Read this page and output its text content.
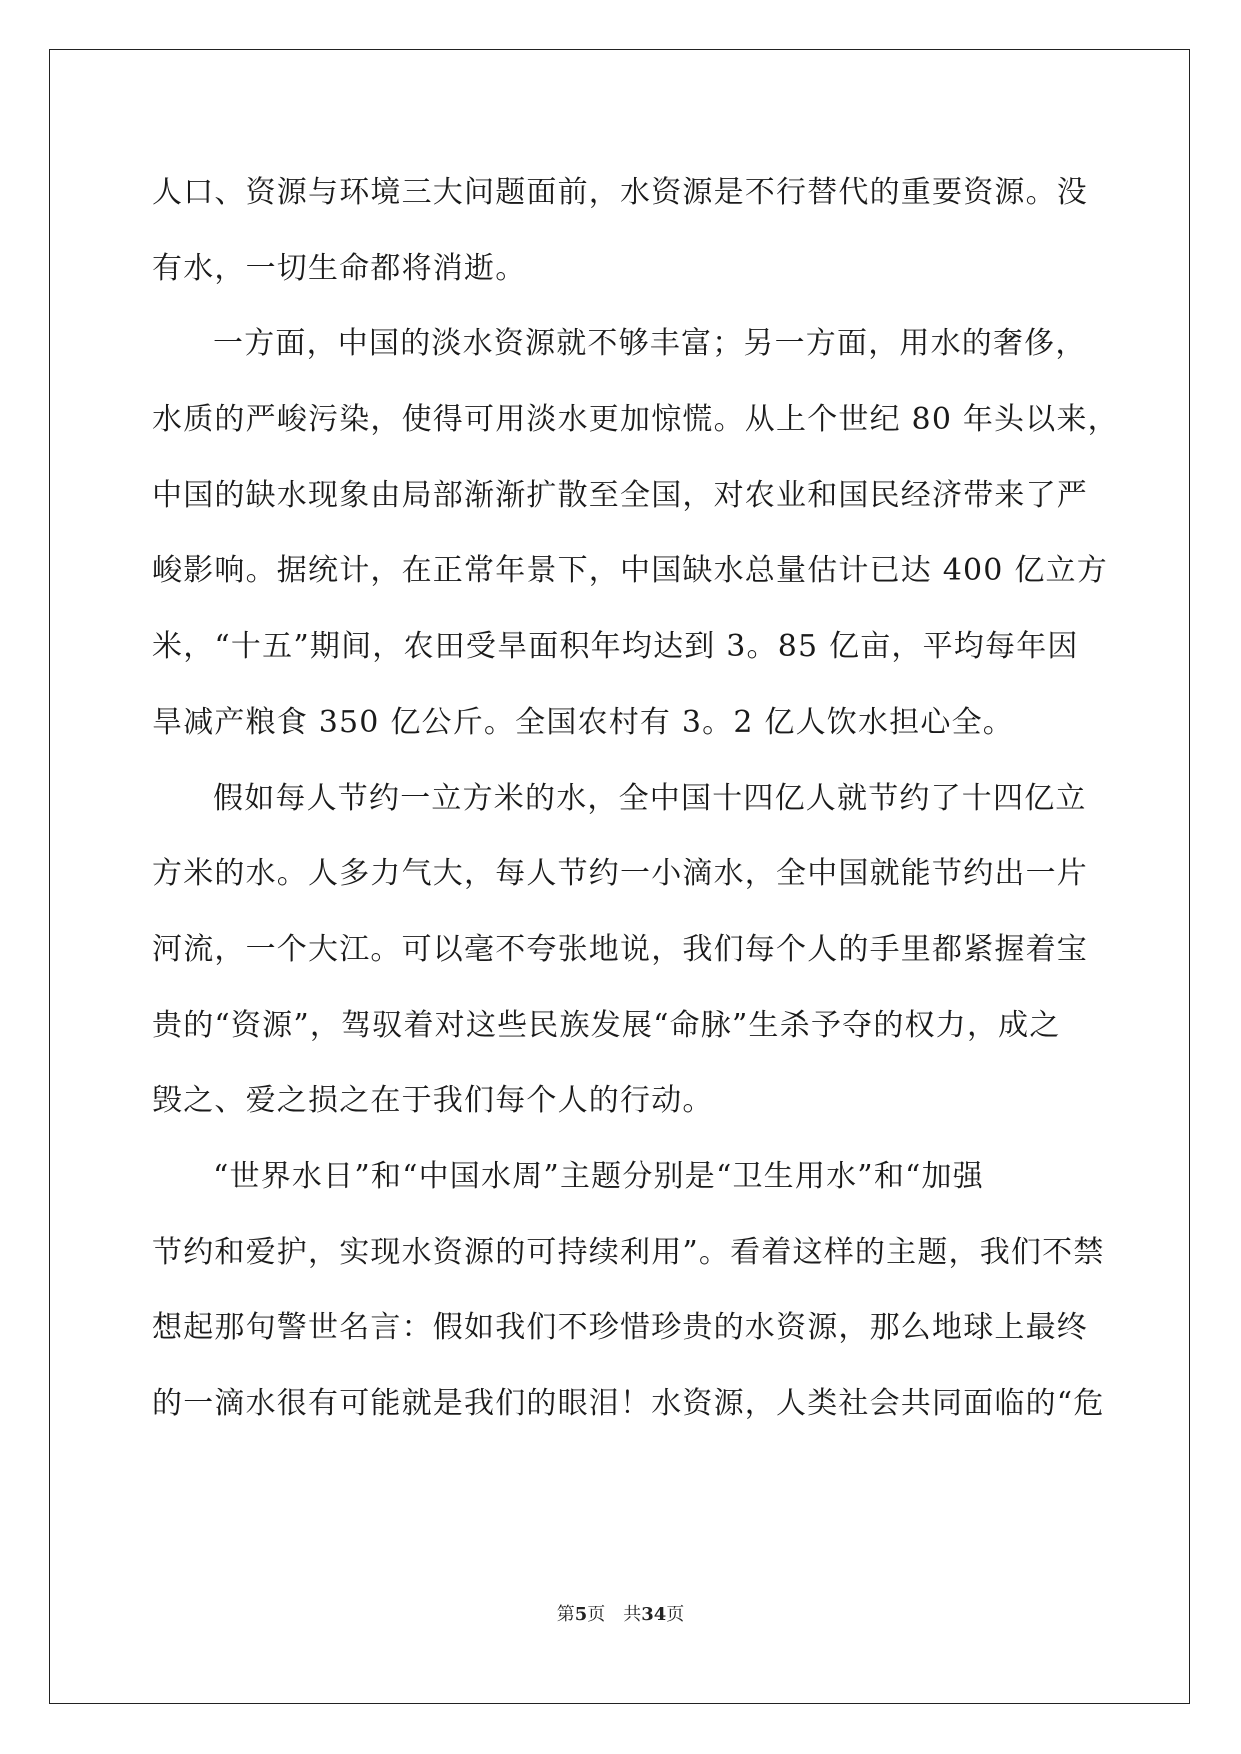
人口、资源与环境三大问题面前，水资源是不行替代的重要资源。没
有水，一切生命都将消逝。
一方面，中国的淡水资源就不够丰富；另一方面，用水的奢侈，
水质的严峻污染，使得可用淡水更加惊慌。从上个世纪 80 年头以来，
中国的缺水现象由局部渐渐扩散至全国，对农业和国民经济带来了严
峻影响。据统计，在正常年景下，中国缺水总量估计已达 400 亿立方
米，“十五”期间，农田受旱面积年均达到 3。85 亿亩，平均每年因
旱减产粮食 350 亿公斤。全国农村有 3。2 亿人饮水担心全。
假如每人节约一立方米的水，全中国十四亿人就节约了十四亿立
方米的水。人多力气大，每人节约一小滴水，全中国就能节约出一片
河流，一个大江。可以毫不夸张地说，我们每个人的手里都紧握着宝
贵的“资源”，驾驭着对这些民族发展“命脉”生杀予夺的权力，成之
毁之、爱之损之在于我们每个人的行动。
“世界水日”和“中国水周”主题分别是“卫生用水”和“加强
节约和爱护，实现水资源的可持续利用”。看着这样的主题，我们不禁
想起那句警世名言：假如我们不珍惜珍贵的水资源，那么地球上最终
的一滴水很有可能就是我们的眼泪！水资源，人类社会共同面临的“危
第5页 共34页
